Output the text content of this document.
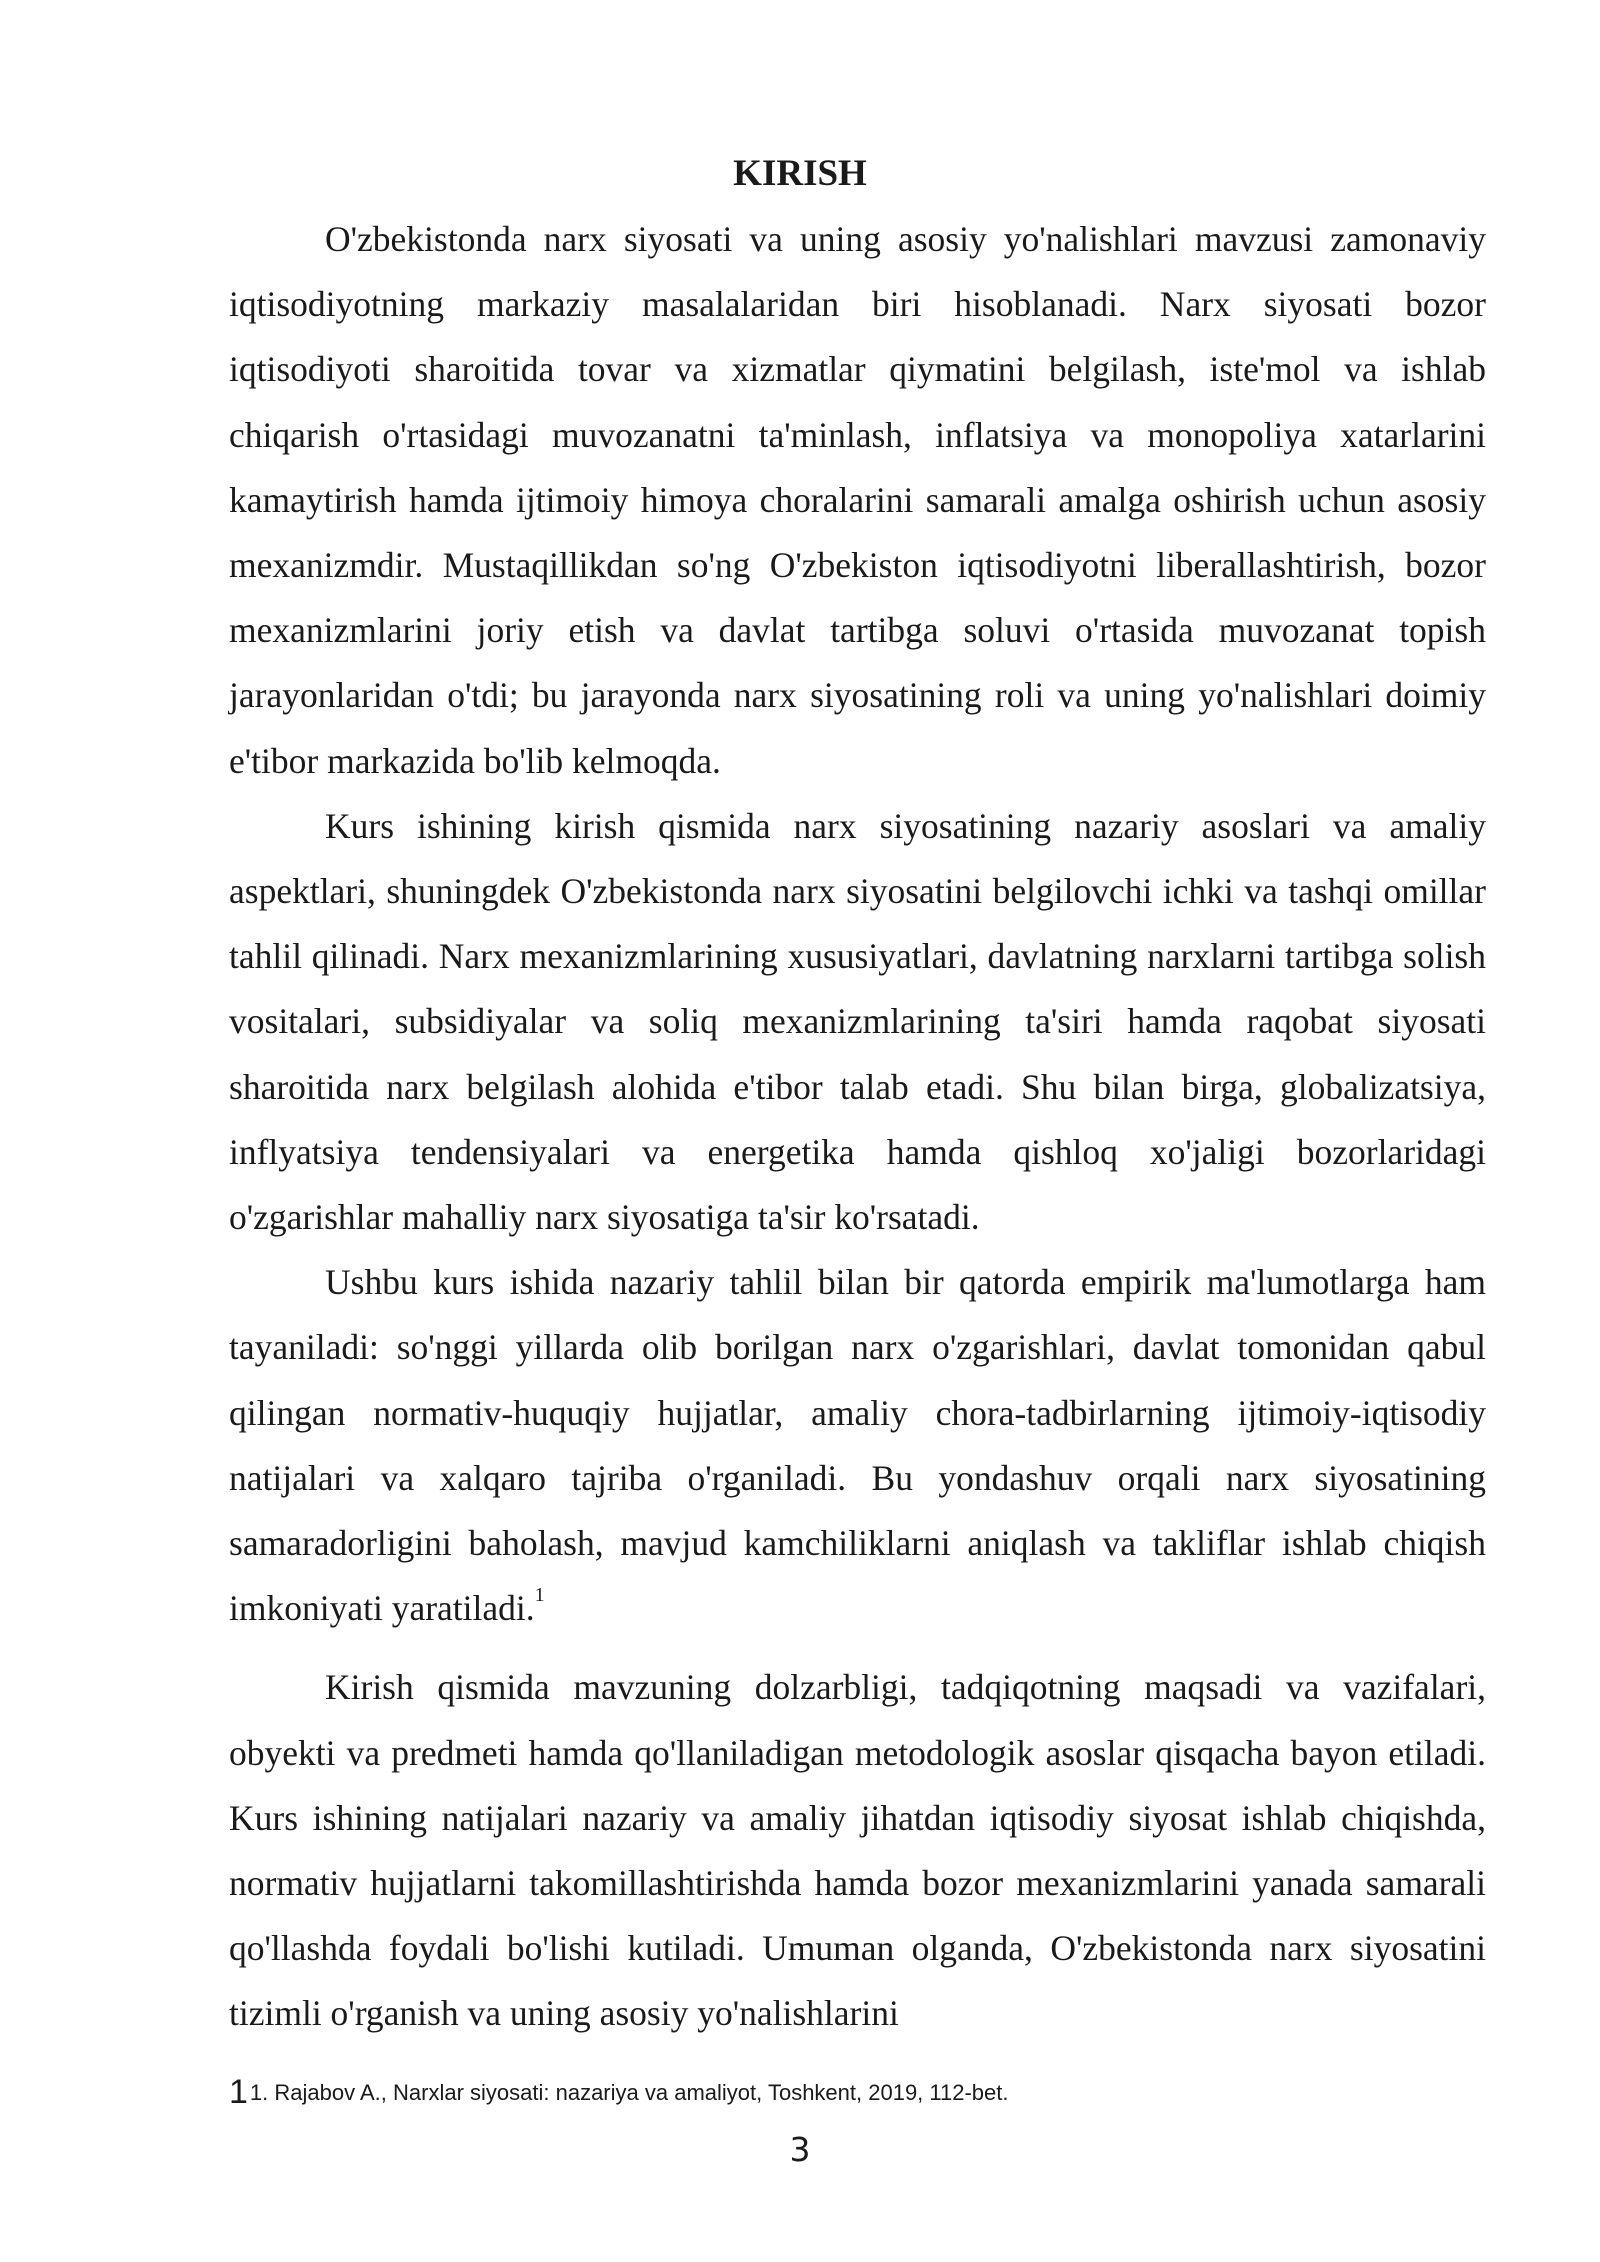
KIRISH

O'zbekistonda narx siyosati va uning asosiy yo'nalishlari mavzusi zamonaviy iqtisodiyotning markaziy masalalaridan biri hisoblanadi. Narx siyosati bozor iqtisodiyoti sharoitida tovar va xizmatlar qiymatini belgilash, iste'mol va ishlab chiqarish o'rtasidagi muvozanatni ta'minlash, inflatsiya va monopoliya xatarlarini kamaytirish hamda ijtimoiy himoya choralarini samarali amalga oshirish uchun asosiy mexanizmdir. Mustaqillikdan so'ng O'zbekiston iqtisodiyotni liberallashtirish, bozor mexanizmlarini joriy etish va davlat tartibga soluvi o'rtasida muvozanat topish jarayonlaridan o'tdi; bu jarayonda narx siyosatining roli va uning yo'nalishlari doimiy e'tibor markazida bo'lib kelmoqda.

Kurs ishining kirish qismida narx siyosatining nazariy asoslari va amaliy aspektlari, shuningdek O'zbekistonda narx siyosatini belgilovchi ichki va tashqi omillar tahlil qilinadi. Narx mexanizmlarining xususiyatlari, davlatning narxlarni tartibga solish vositalari, subsidiyalar va soliq mexanizmlarining ta'siri hamda raqobat siyosati sharoitida narx belgilash alohida e'tibor talab etadi. Shu bilan birga, globalizatsiya, inflyatsiya tendensiyalari va energetika hamda qishloq xo'jaligi bozorlaridagi o'zgarishlar mahalliy narx siyosatiga ta'sir ko'rsatadi.

Ushbu kurs ishida nazariy tahlil bilan bir qatorda empirik ma'lumotlarga ham tayaniladi: so'nggi yillarda olib borilgan narx o'zgarishlari, davlat tomonidan qabul qilingan normativ-huquqiy hujjatlar, amaliy chora-tadbirlarning ijtimoiy-iqtisodiy natijalari va xalqaro tajriba o'rganiladi. Bu yondashuv orqali narx siyosatining samaradorligini baholash, mavjud kamchiliklarni aniqlash va takliflar ishlab chiqish imkoniyati yaratiladi.$^1$

Kirish qismida mavzuning dolzarbligi, tadqiqotning maqsadi va vazifalari, obyekti va predmeti hamda qo'llaniladigan metodologik asoslar qisqacha bayon etiladi. Kurs ishining natijalari nazariy va amaliy jihatdan iqtisodiy siyosat ishlab chiqishda, normativ hujjatlarni takomillashtirishda hamda bozor mexanizmlarini yanada samarali qo'llashda foydali bo'lishi kutiladi. Umuman olganda, O'zbekistonda narx siyosatini tizimli o'rganish va uning asosiy yo'nalishlarini

11. Rajabov A., Narxlar siyosati: nazariya va amaliyot, Toshkent, 2019, 112-bet.
3
